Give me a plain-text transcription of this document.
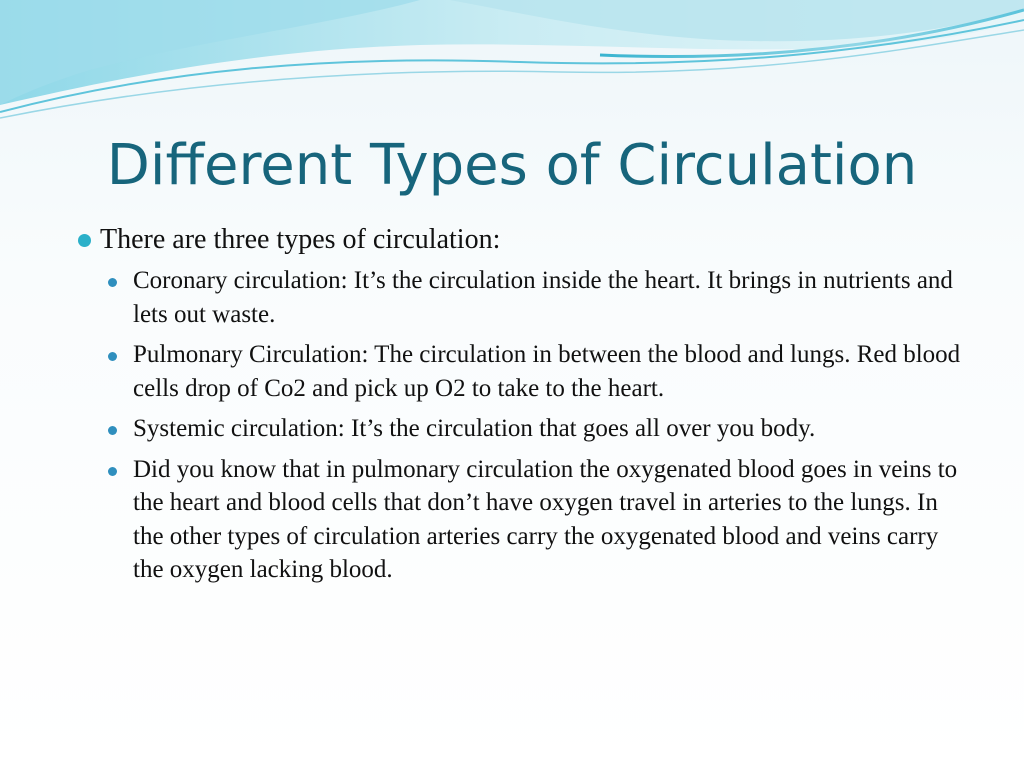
Different Types of Circulation
There are three types of circulation:
Coronary circulation: It’s the circulation inside the heart. It brings in nutrients and lets out waste.
Pulmonary Circulation: The circulation in between the blood and lungs. Red blood cells drop of Co2 and pick up O2 to take to the heart.
Systemic circulation: It’s the circulation that goes all over you body.
Did you know that in pulmonary circulation the oxygenated blood goes in veins to the heart and blood cells that don’t have oxygen travel in arteries to the lungs. In the other types of circulation arteries carry the oxygenated blood and veins carry the oxygen lacking blood.
